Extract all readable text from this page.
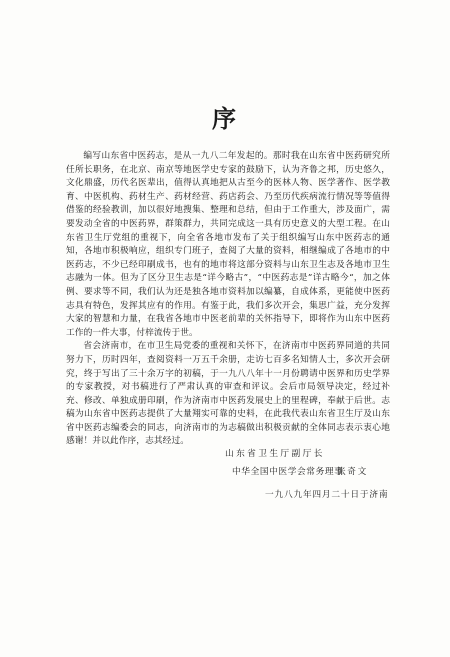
序

编写山东省中医药志，是从一九八二年发起的。那时我在山东省中医药研究所任所长职务，在北京、南京等地医学史专家的鼓励下，认为齐鲁之邦，历史悠久，文化鼎盛，历代名医辈出，值得认真地把从古至今的医林人物、医学著作、医学教育、中医机构、药材生产、药材经营、药店药会、乃至历代疾病流行情况等等值得借鉴的经验教训，加以很好地搜集、整理和总结，但由于工作重大，涉及面广，需要发动全省的中医药界，群策群力，共同完成这一具有历史意义的大型工程。在山东省卫生厅党组的重视下，向全省各地市发布了关于组织编写山东中医药志的通知，各地市积极响应，组织专门班子，查阅了大量的资料，相继编成了各地市的中医药志，不少已经印刷成书，也有的地市将这部分资料与山东卫生志及各地市卫生志融为一体。但为了区分卫生志是“详今略古”，“中医药志是”详古略今“，加之体例、要求等不同，我们认为还是独各地市资料加以编纂，自成体系，更能使中医药志具有特色，发挥其应有的作用。有鉴于此，我们多次开会，集思广益，充分发挥大家的智慧和力量，在我省各地市中医老前辈的关怀指导下，即将作为山东中医药工作的一件大事，付梓流传于世。

省会济南市，在市卫生局党委的重视和关怀下，在济南市中医药界同道的共同努力下，历时四年，查阅资料一万五千余册，走访七百多名知情人士，多次开会研究，终于写出了三十余万字的初稿，于一九八八年十一月份聘请中医界和历史学界的专家教授，对书稿进行了严肃认真的审查和评议。会后市局领导决定，经过补充、修改、单独成册印刷，作为济南市中医药发展史上的里程碑，奉献于后世。志稿为山东省中医药志提供了大量翔实可靠的史料，在此我代表山东省卫生厅及山东省中医药志编委会的同志，向济南市的为志稿做出积极贡献的全体同志表示衷心地感谢！并以此作序，志其经过。

山东省卫生厅副厅长
中华全国中医学会常务理事
张奇文
一九八九年四月二十日于济南
